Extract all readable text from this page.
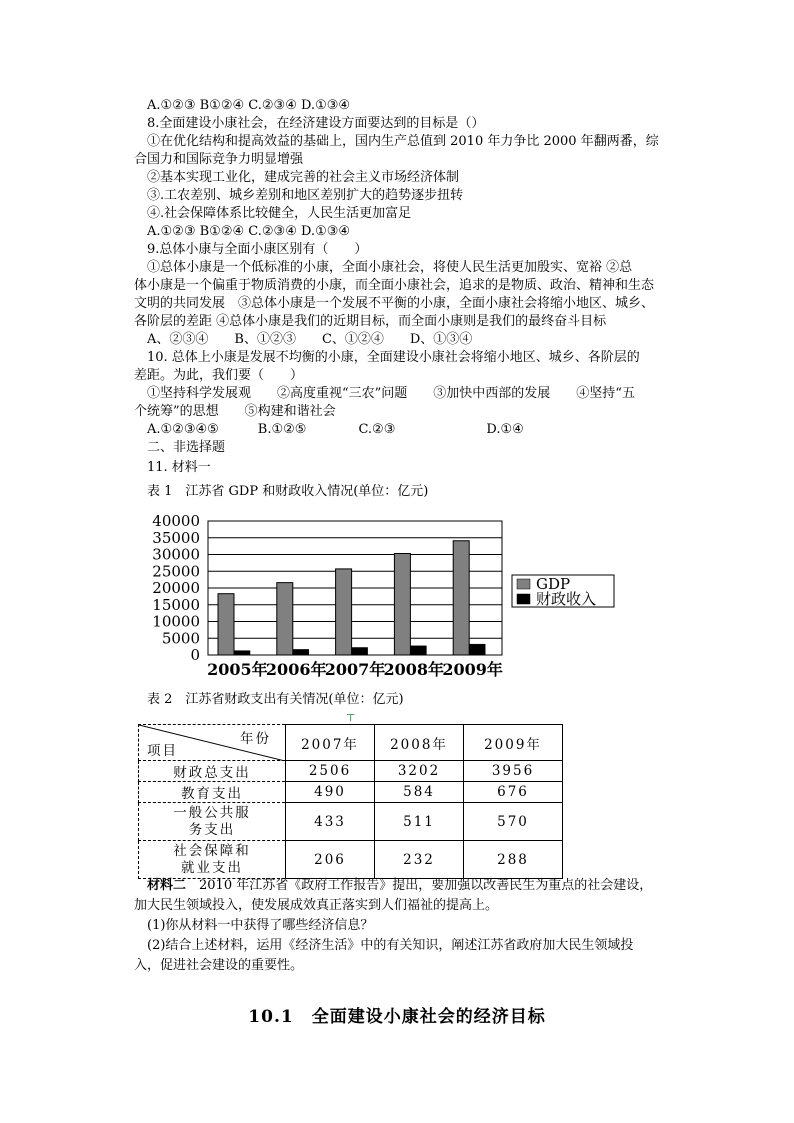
A.①②③ B①②④ C.②③④ D.①③④
8.全面建设小康社会，在经济建设方面要达到的目标是（）
①在优化结构和提高效益的基础上，国内生产总值到 2010 年力争比 2000 年翻两番，综
合国力和国际竞争力明显增强
②基本实现工业化，建成完善的社会主义市场经济体制
③.工农差别、城乡差别和地区差别扩大的趋势逐步扭转
④.社会保障体系比较健全，人民生活更加富足
A.①②③ B①②④ C.②③④ D.①③④
9.总体小康与全面小康区别有（　　）
①总体小康是一个低标准的小康，全面小康社会，将使人民生活更加殷实、宽裕 ②总
体小康是一个偏重于物质消费的小康，而全面小康社会，追求的是物质、政治、精神和生态
文明的共同发展　③总体小康是一个发展不平衡的小康，全面小康社会将缩小地区、城乡、
各阶层的差距 ④总体小康是我们的近期目标，而全面小康则是我们的最终奋斗目标
A、②③④　　B、①②③　　C、①②④　　D、①③④
10. 总体上小康是发展不均衡的小康，全面建设小康社会将缩小地区、城乡、各阶层的
差距。为此，我们要（　　）
①坚持科学发展观　　②高度重视“三农”问题　　③加快中西部的发展　　④坚持“五
个统筹”的思想　　⑤构建和谐社会
A.①②③④⑤　　　B.①②⑤　　　　C.②③　　　　　　　D.①④
二、非选择题
11. 材料一
表 1　江苏省 GDP 和财政收入情况(单位：亿元)
0
5000
10000
15000
20000
25000
30000
35000
40000
2005年
2006年
2007年
2008年
2009年
GDP
财政收入
表 2　江苏省财政支出有关情况(单位：亿元)
⊤
年份
项目	2007年	2008年	2009年
财政总支出	2506	3202	3956
教育支出	490	584	676

一般公共服
务支出	433	511	570

社会保障和
就业支出	206	232	288
材料二　2010 年江苏省《政府工作报告》提出，要加强以改善民生为重点的社会建设，
加大民生领域投入，使发展成效真正落实到人们福祉的提高上。
(1)你从材料一中获得了哪些经济信息？
(2)结合上述材料，运用《经济生活》中的有关知识，阐述江苏省政府加大民生领域投
入，促进社会建设的重要性。
10.1　全面建设小康社会的经济目标
